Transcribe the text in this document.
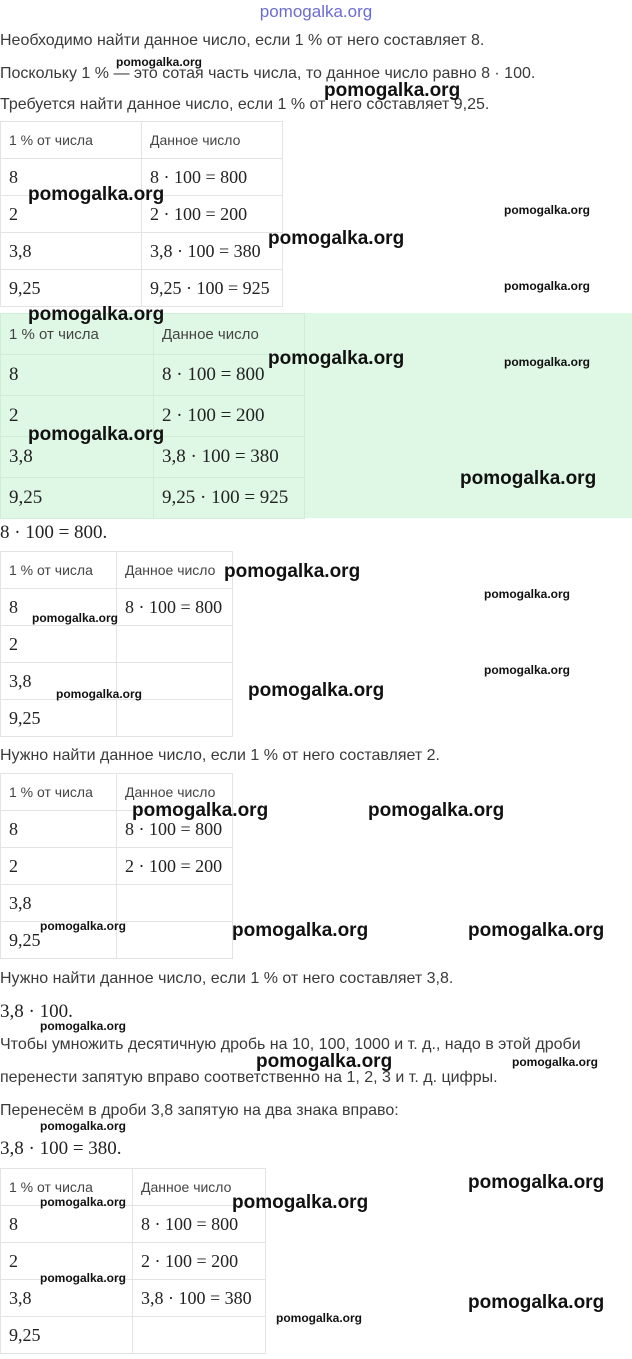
pomogalka.org
Необходимо найти данное число, если 1 % от него составляет 8.
Поскольку 1 % — это сотая часть числа, то данное число равно 8 · 100.
Требуется найти данное число, если 1 % от него составляет 9,25.
1 % от числа	Данное число
8	8 · 100 = 800
2	2 · 100 = 200
3,8	3,8 · 100 = 380
9,25	9,25 · 100 = 925
1 % от числа	Данное число
8	8 · 100 = 800
2	2 · 100 = 200
3,8	3,8 · 100 = 380
9,25	9,25 · 100 = 925
8 · 100 = 800.
1 % от числа	Данное число
8	8 · 100 = 800
2	
3,8	
9,25	
Нужно найти данное число, если 1 % от него составляет 2.
1 % от числа	Данное число
8	8 · 100 = 800
2	2 · 100 = 200
3,8	
9,25	
Нужно найти данное число, если 1 % от него составляет 3,8.
3,8 · 100.
Чтобы умножить десятичную дробь на 10, 100, 1000 и т. д., надо в этой дроби
перенести запятую вправо соответственно на 1, 2, 3 и т. д. цифры.
Перенесём в дроби 3,8 запятую на два знака вправо:
3,8 · 100 = 380.
1 % от числа	Данное число
8	8 · 100 = 800
2	2 · 100 = 200
3,8	3,8 · 100 = 380
9,25	
pomogalka.org
pomogalka.org
pomogalka.org
pomogalka.org
pomogalka.org
pomogalka.org
pomogalka.org
pomogalka.org	pomogalka.org
pomogalka.org
pomogalka.org
pomogalka.org
pomogalka.org
pomogalka.org
pomogalka.org
pomogalka.org
pomogalka.org
pomogalka.org	pomogalka.org
pomogalka.org	pomogalka.org	pomogalka.org
pomogalka.org
pomogalka.org	pomogalka.org
pomogalka.org
pomogalka.org
pomogalka.org	pomogalka.org
pomogalka.org
pomogalka.org
pomogalka.org
